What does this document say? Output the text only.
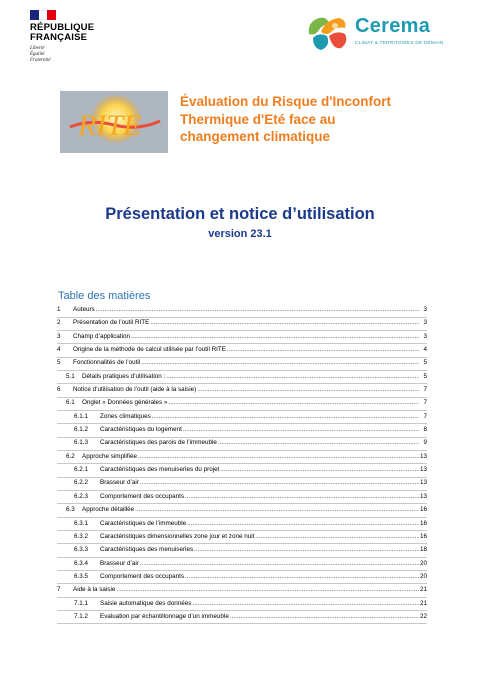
RÉPUBLIQUE
FRANÇAISE
Liberté
Égalité
Fraternité
Cerema
CLIMAT & TERRITOIRES DE DEMAIN
RITE
Évaluation du Risque d'Inconfort
Thermique d'Eté face au
changement climatique
Présentation et notice d’utilisation
version 23.1
Table des matières
1 Auteurs .....	3
2 Présentation de l’outil RITE .....	3
3 Champ d’application .....	3
4 Origine de la méthode de calcul utilisée par l’outil RITE .....	4
5 Fonctionnalités de l’outil .....	5
5.1 Détails pratiques d’utilisation : .....	5
6 Notice d’utilisation de l’outil (aide à la saisie) .....	7
6.1 Onglet « Données générales » .....	7
6.1.1 Zones climatiques .....	7
6.1.2 Caractéristiques du logement .....	8
6.1.3 Caractéristiques des parois de l’immeuble .....	9
6.2 Approche simplifiée .....	13
6.2.1 Caractéristiques des menuiseries du projet .....	13
6.2.2 Brasseur d’air .....	13
6.2.3 Comportement des occupants .....	13
6.3 Approche détaillée .....	16
6.3.1 Caractéristiques de l’immeuble .....	16
6.3.2 Caractéristiques dimensionnelles zone jour et zone nuit .....	16
6.3.3 Caractéristiques des menuiseries .....	18
6.3.4 Brasseur d’air .....	20
6.3.5 Comportement des occupants .....	20
7 Aide à la saisie .....	21
7.1.1 Saisie automatique des données .....	21
7.1.2 Evaluation par échantillonnage d’un immeuble .....	22
